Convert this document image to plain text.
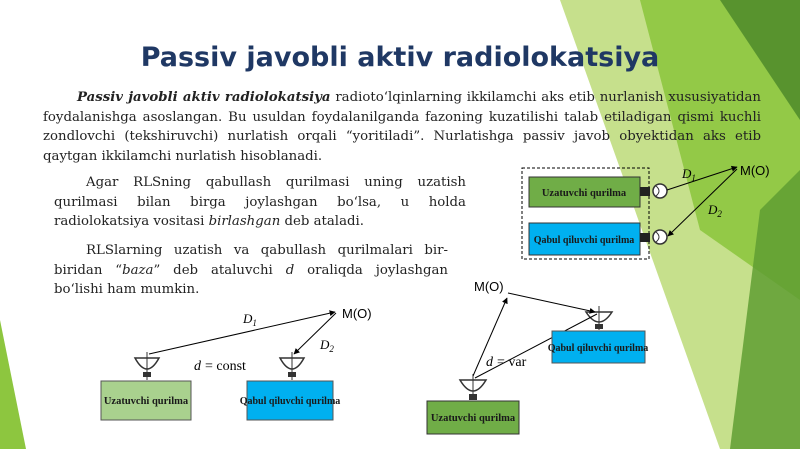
Passiv javobli aktiv radiolokatsiya

Passiv javobli aktiv radiolokatsiya radioto‘lqinlarning ikkilamchi aks etib nurlanish xususiyatidan foydalanishga asoslangan. Bu usuldan foydalanilganda fazoning kuzatilishi talab etiladigan qismi kuchli zondlovchi (tekshiruvchi) nurlatish orqali “yoritiladi”. Nurlatishga passiv javob obyektidan aks etib qaytgan ikkilamchi nurlatish hisoblanadi.

Agar RLSning qabullash qurilmasi uning uzatish qurilmasi bilan birga joylashgan bo‘lsa, u holda radiolokatsiya vositasi birlashgan deb ataladi.

RLSlarning uzatish va qabullash qurilmalari bir-biridan “baza” deb ataluvchi d oraliqda joylashgan bo‘lishi ham mumkin.

Uzatuvchi qurilma
Qabul qiluvchi qurilma
$D_1$
$D_2$
M(O)
$D_1$
$D_2$
M(O)
d = const
Uzatuvchi qurilma	Qabul qiluvchi qurilma
M(O)
d = var
Qabul qiluvchi qurilma
Uzatuvchi qurilma
